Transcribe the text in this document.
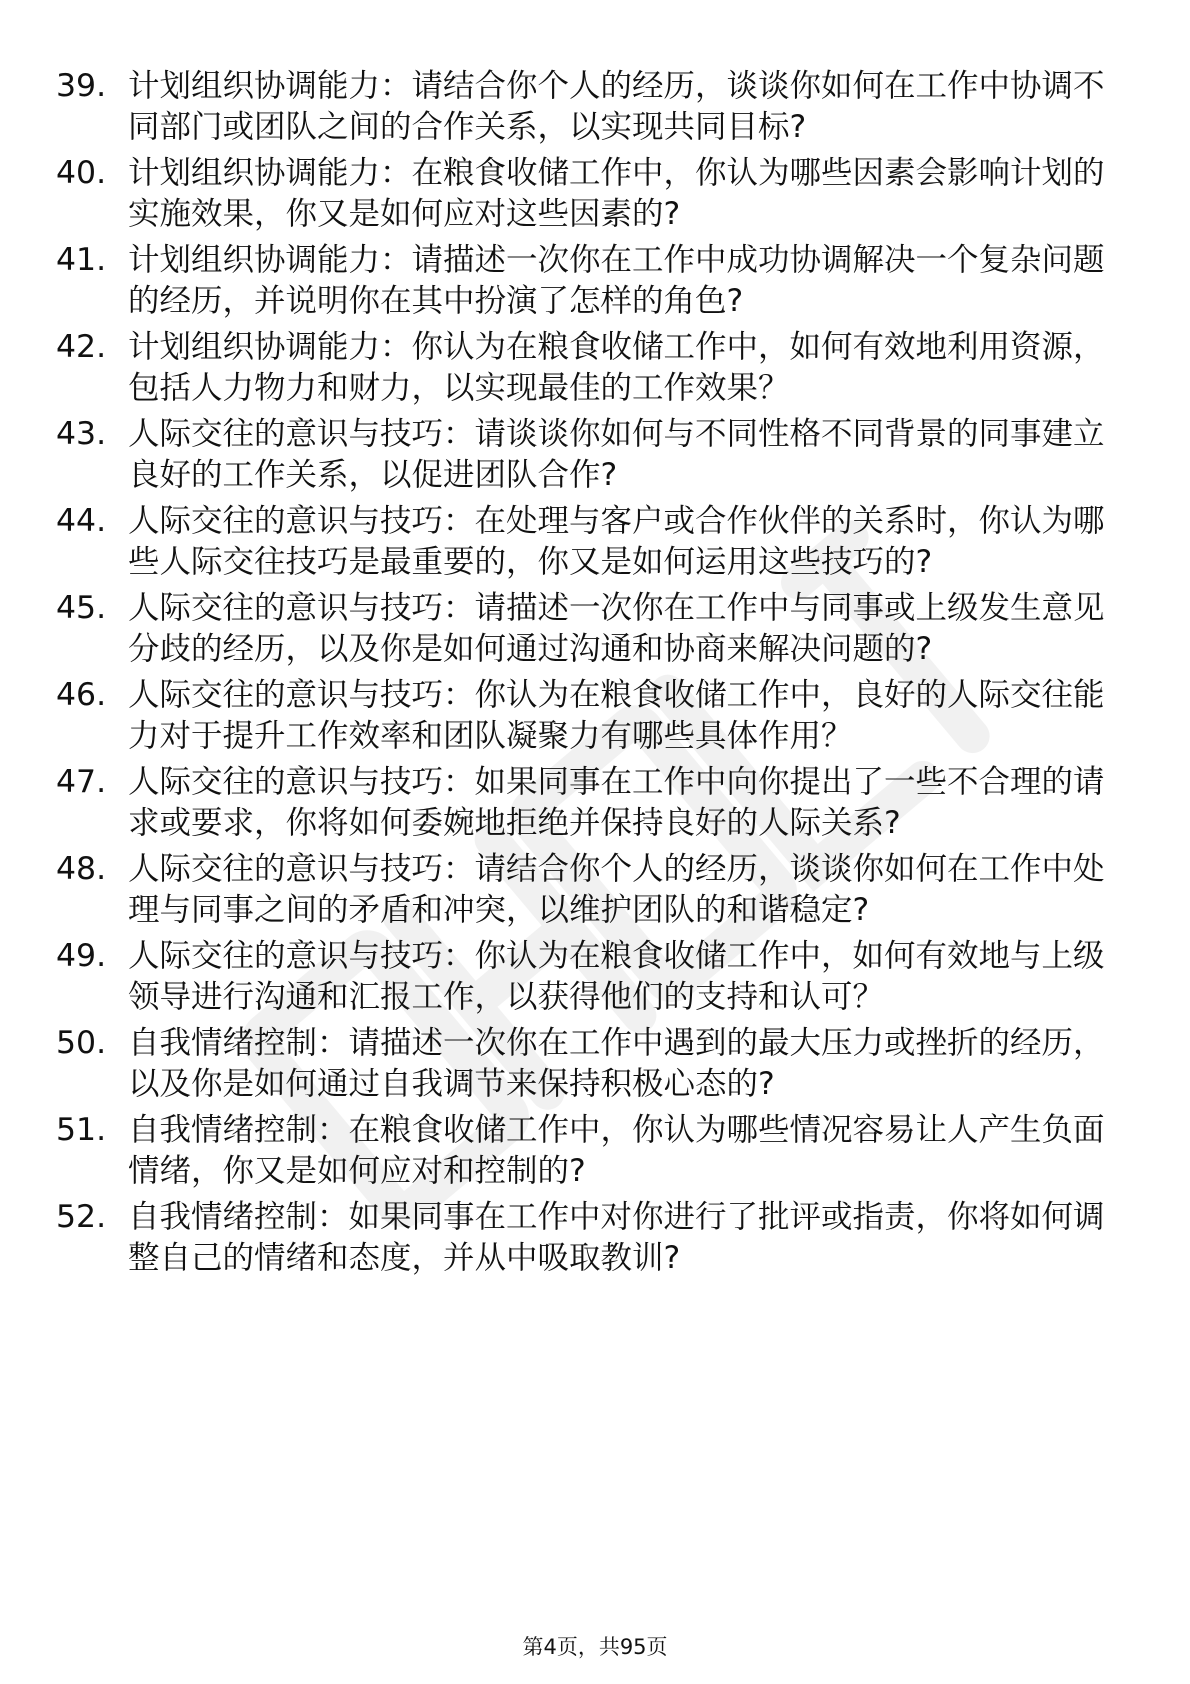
39. 计划组织协调能力：请结合你个人的经历，谈谈你如何在工作中协调不同部门或团队之间的合作关系，以实现共同目标?
40. 计划组织协调能力：在粮食收储工作中，你认为哪些因素会影响计划的实施效果，你又是如何应对这些因素的?
41. 计划组织协调能力：请描述一次你在工作中成功协调解决一个复杂问题的经历，并说明你在其中扮演了怎样的角色?
42. 计划组织协调能力：你认为在粮食收储工作中，如何有效地利用资源，包括人力物力和财力，以实现最佳的工作效果？
43. 人际交往的意识与技巧：请谈谈你如何与不同性格不同背景的同事建立良好的工作关系，以促进团队合作?
44. 人际交往的意识与技巧：在处理与客户或合作伙伴的关系时，你认为哪些人际交往技巧是最重要的，你又是如何运用这些技巧的?
45. 人际交往的意识与技巧：请描述一次你在工作中与同事或上级发生意见分歧的经历，以及你是如何通过沟通和协商来解决问题的?
46. 人际交往的意识与技巧：你认为在粮食收储工作中，良好的人际交往能力对于提升工作效率和团队凝聚力有哪些具体作用？
47. 人际交往的意识与技巧：如果同事在工作中向你提出了一些不合理的请求或要求，你将如何委婉地拒绝并保持良好的人际关系?
48. 人际交往的意识与技巧：请结合你个人的经历，谈谈你如何在工作中处理与同事之间的矛盾和冲突，以维护团队的和谐稳定?
49. 人际交往的意识与技巧：你认为在粮食收储工作中，如何有效地与上级领导进行沟通和汇报工作，以获得他们的支持和认可？
50. 自我情绪控制：请描述一次你在工作中遇到的最大压力或挫折的经历，以及你是如何通过自我调节来保持积极心态的?
51. 自我情绪控制：在粮食收储工作中，你认为哪些情况容易让人产生负面情绪，你又是如何应对和控制的?
52. 自我情绪控制：如果同事在工作中对你进行了批评或指责，你将如何调整自己的情绪和态度，并从中吸取教训?
第4页，共95页
